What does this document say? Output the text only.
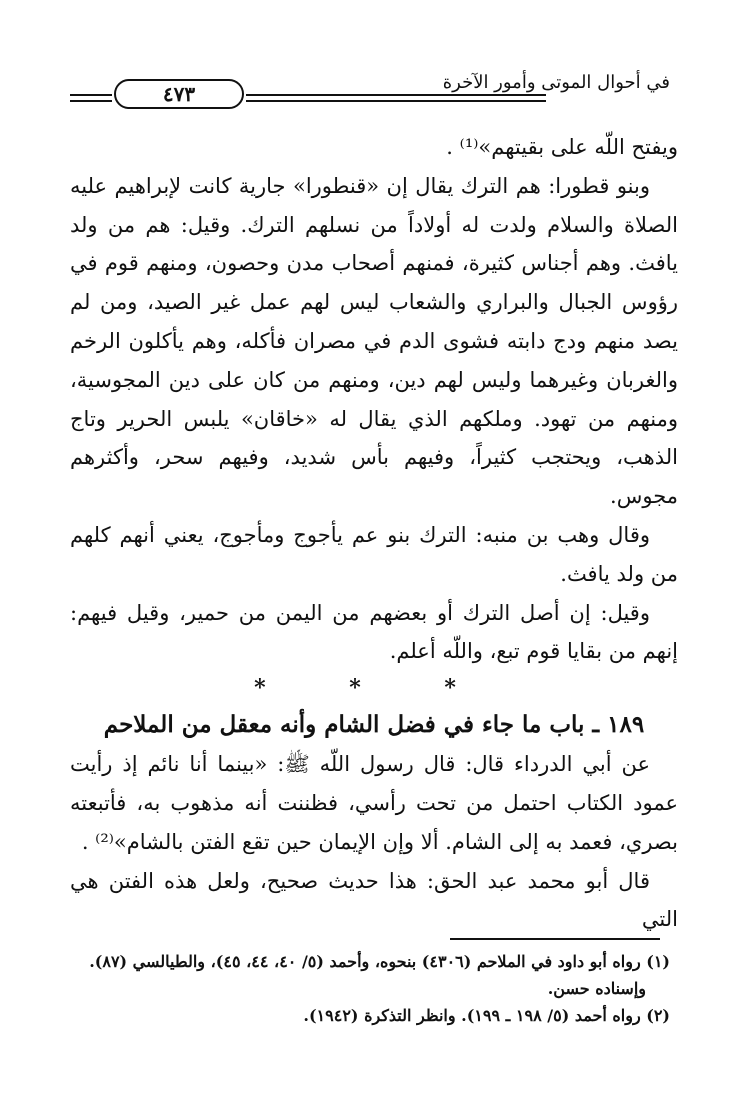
في أحوال الموتى وأمور الآخرة
٤٧٣

ويفتح اللّه على بقيتهم»⁽¹⁾ .

وبنو قطورا: هم الترك يقال إن «قنطورا» جارية كانت لإبراهيم عليه الصلاة والسلام ولدت له أولاداً من نسلهم الترك. وقيل: هم من ولد يافث. وهم أجناس كثيرة، فمنهم أصحاب مدن وحصون، ومنهم قوم في رؤوس الجبال والبراري والشعاب ليس لهم عمل غير الصيد، ومن لم يصد منهم ودج دابته فشوى الدم في مصران فأكله، وهم يأكلون الرخم والغربان وغيرهما وليس لهم دين، ومنهم من كان على دين المجوسية، ومنهم من تهود. وملكهم الذي يقال له «خاقان» يلبس الحرير وتاج الذهب، ويحتجب كثيراً، وفيهم بأس شديد، وفيهم سحر، وأكثرهم مجوس.

وقال وهب بن منبه: الترك بنو عم يأجوج ومأجوج، يعني أنهم كلهم من ولد يافث.

وقيل: إن أصل الترك أو بعضهم من اليمن من حمير، وقيل فيهم: إنهم من بقايا قوم تبع، واللّه أعلم.

* * *

١٨٩ ـ باب ما جاء في فضل الشام وأنه معقل من الملاحم

عن أبي الدرداء قال: قال رسول اللّه ﷺ: «بينما أنا نائم إذ رأيت عمود الكتاب احتمل من تحت رأسي، فظننت أنه مذهوب به، فأتبعته بصري، فعمد به إلى الشام. ألا وإن الإيمان حين تقع الفتن بالشام»⁽²⁾ .

قال أبو محمد عبد الحق: هذا حديث صحيح، ولعل هذه الفتن هي التي

(١) رواه أبو داود في الملاحم (٤٣٠٦) بنحوه، وأحمد (٥/ ٤٠، ٤٤، ٤٥)، والطيالسي (٨٧).

وإسناده حسن.

(٢) رواه أحمد (٥/ ١٩٨ ـ ١٩٩). وانظر التذكرة (١٩٤٢).
